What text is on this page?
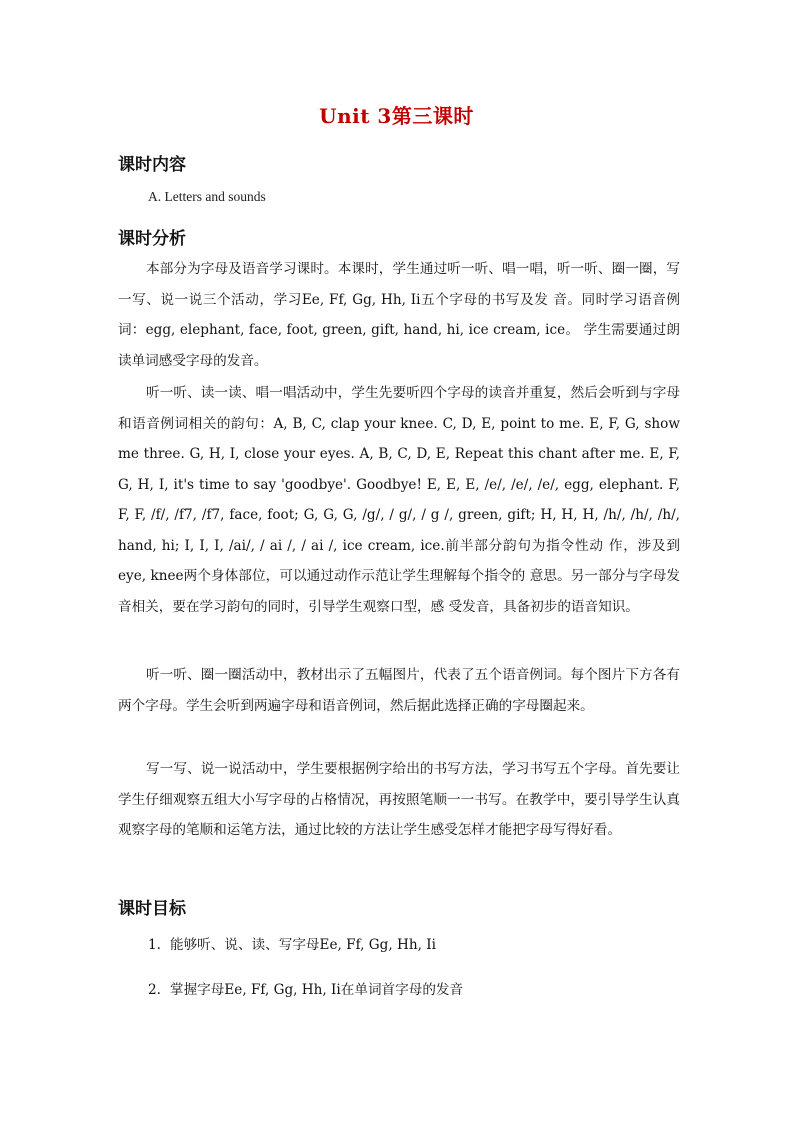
Unit 3第三课时
课时内容
A. Letters and sounds
课时分析
本部分为字母及语音学习课时。本课时，学生通过听一听、唱一唱，听一听、圈一圈，写一写、说一说三个活动，学习Ee, Ff, Gg, Hh, Ii五个字母的书写及发 音。同时学习语音例词：egg, elephant, face, foot, green, gift, hand, hi, ice cream, ice。 学生需要通过朗读单词感受字母的发音。
听一听、读一读、唱一唱活动中，学生先要听四个字母的读音并重复，然后会听到与字母和语音例词相关的韵句：A, B, C, clap your knee. C, D, E, point to me. E, F, G, show me three. G, H, I, close your eyes. A, B, C, D, E, Repeat this chant after me. E, F, G, H, I, it's time to say 'goodbye'. Goodbye! E, E, E, /e/, /e/, /e/, egg, elephant. F, F, F, /f/, /f7, /f7, face, foot; G, G, G, /g/, / g/, / g /, green, gift; H, H, H, /h/, /h/, /h/, hand, hi; I, I, I, /ai/, / ai /, / ai /, ice cream, ice.前半部分韵句为指令性动 作，涉及到eye, knee两个身体部位，可以通过动作示范让学生理解每个指令的 意思。另一部分与字母发音相关，要在学习韵句的同时，引导学生观察口型，感 受发音，具备初步的语音知识。
听一听、圈一圈活动中，教材出示了五幅图片，代表了五个语音例词。每个图片下方各有两个字母。学生会听到两遍字母和语音例词，然后据此选择正确的字母圈起来。
写一写、说一说活动中，学生要根据例字给出的书写方法，学习书写五个字母。首先要让学生仔细观察五组大小写字母的占格情况，再按照笔顺一一书写。在教学中，要引导学生认真观察字母的笔顺和运笔方法，通过比较的方法让学生感受怎样才能把字母写得好看。
课时目标
1. 能够听、说、读、写字母Ee, Ff, Gg, Hh, Ii
2. 掌握字母Ee, Ff, Gg, Hh, Ii在单词首字母的发音
